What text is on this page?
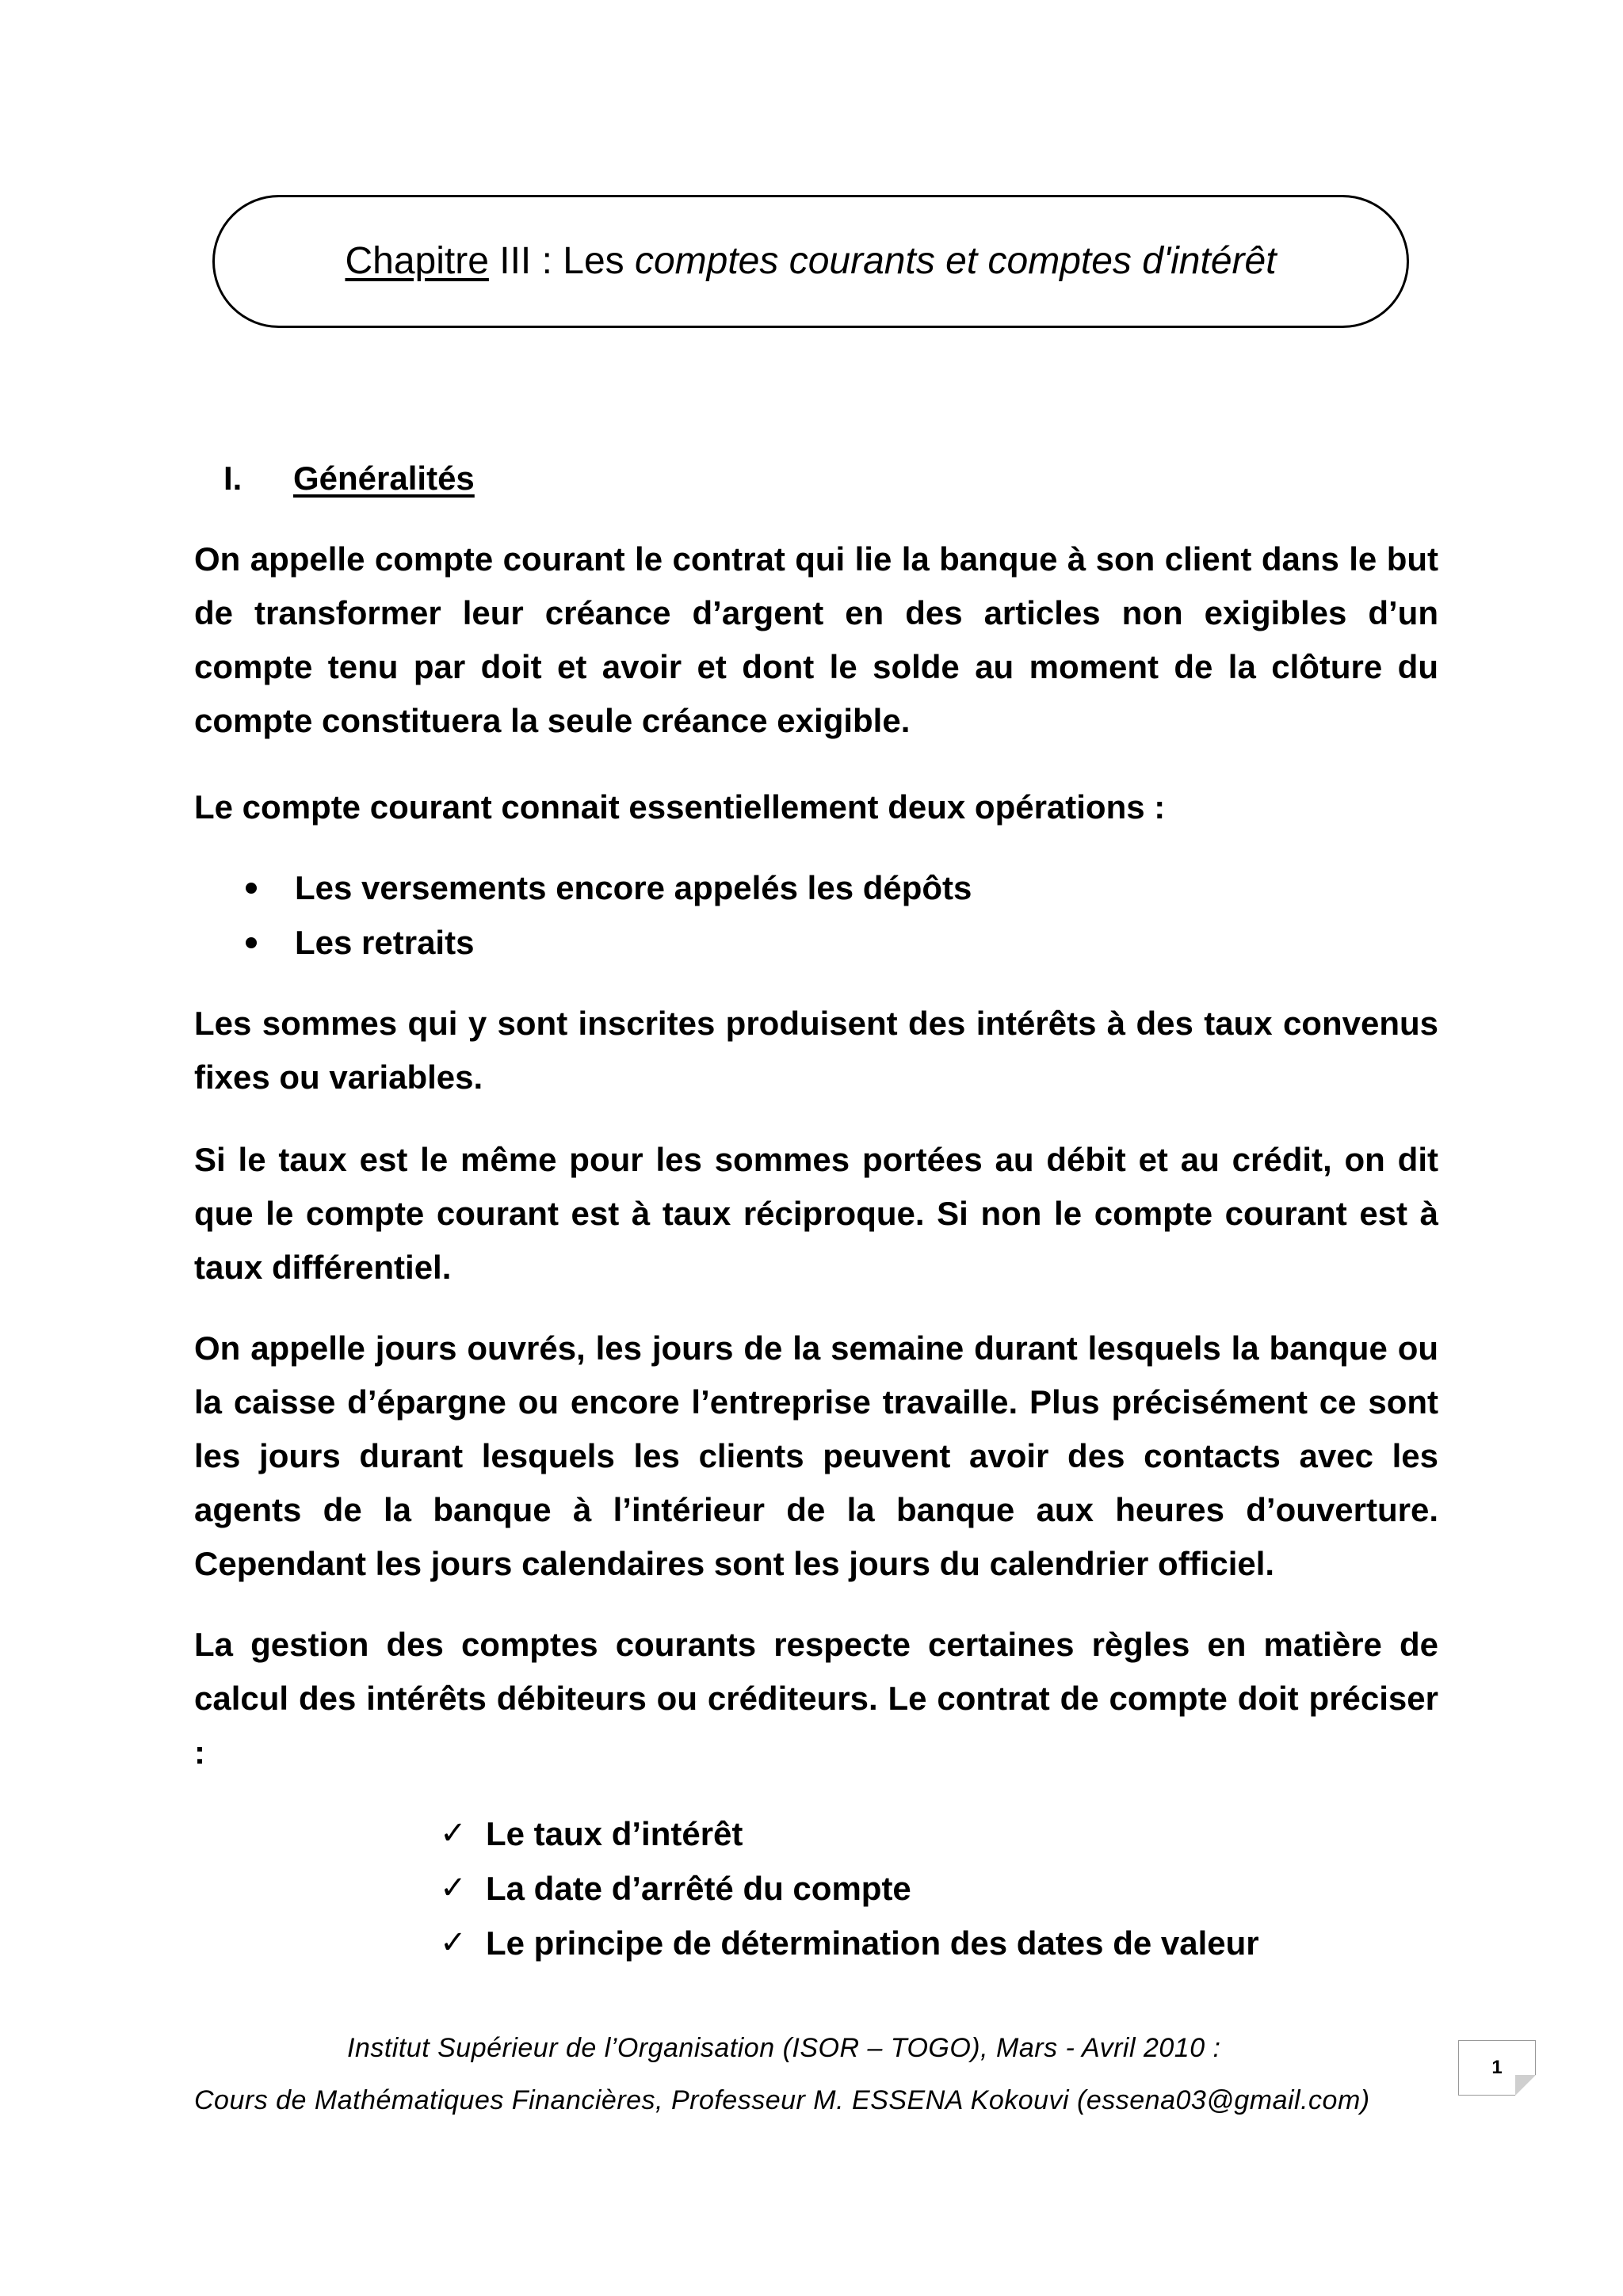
Chapitre III : Les comptes courants et comptes d'intérêt
I.	Généralités

On appelle compte courant le contrat qui lie la banque à son client dans le but de transformer leur créance d’argent en des articles non exigibles d’un compte tenu par doit et avoir et dont le solde au moment de la clôture du compte constituera la seule créance exigible.

Le compte courant connait essentiellement deux opérations :

Les versements encore appelés les dépôts
Les retraits

Les sommes qui y sont inscrites produisent des intérêts à des taux convenus fixes ou variables.

Si le taux est le même pour les sommes portées au débit et au crédit, on dit que le compte courant est à taux réciproque. Si non le compte courant est à taux différentiel.

On appelle jours ouvrés, les jours de la semaine durant lesquels la banque ou la caisse d’épargne ou encore l’entreprise travaille. Plus précisément ce sont les jours durant lesquels les clients peuvent avoir des contacts avec les agents de la banque à l’intérieur de la banque aux heures d’ouverture. Cependant les jours calendaires sont les jours du calendrier officiel.

La gestion des comptes courants respecte certaines règles en matière de calcul des intérêts débiteurs ou créditeurs. Le contrat de compte doit préciser :

✓ Le taux d’intérêt
✓ La date d’arrêté du compte
✓ Le principe de détermination des dates de valeur
Institut Supérieur de l’Organisation (ISOR – TOGO), Mars - Avril 2010 :
Cours de Mathématiques Financières, Professeur M. ESSENA Kokouvi (essena03@gmail.com)
1
